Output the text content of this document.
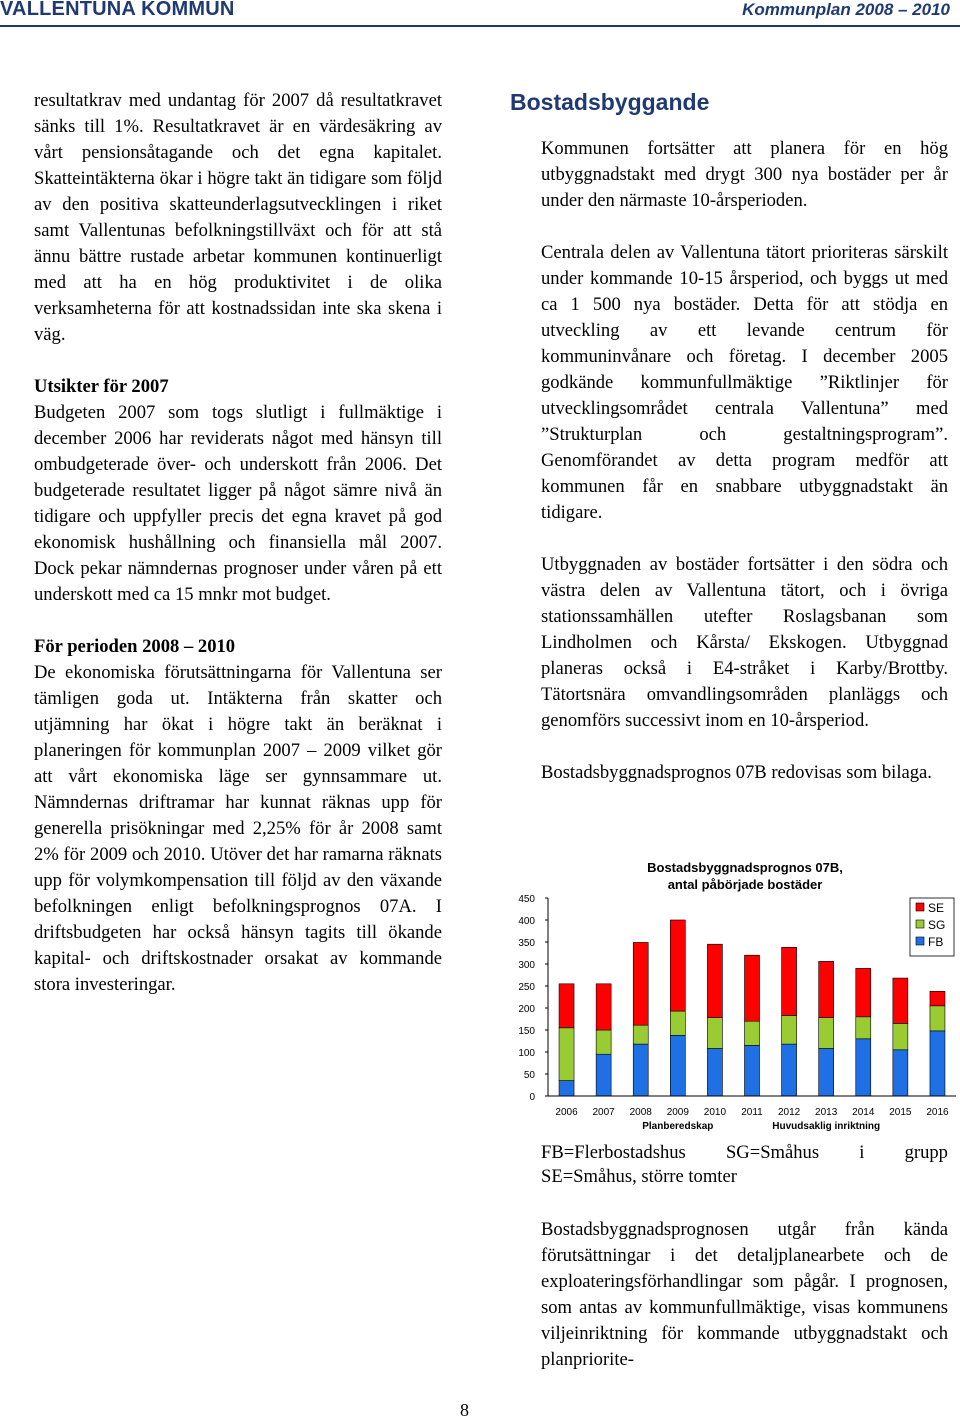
VALLENTUNA KOMMUN	Kommunplan 2008 – 2010

resultatkrav med undantag för 2007 då resultatkravet sänks till 1%. Resultatkravet är en värdesäkring av vårt pensionsåtagande och det egna kapitalet. Skatteintäkterna ökar i högre takt än tidigare som följd av den positiva skatteunderlagsutvecklingen i riket samt Vallentunas befolkningstillväxt och för att stå ännu bättre rustade arbetar kommunen kontinuerligt med att ha en hög produktivitet i de olika verksamheterna för att kostnadssidan inte ska skena i väg.

Utsikter för 2007

Budgeten 2007 som togs slutligt i fullmäktige i december 2006 har reviderats något med hänsyn till ombudgeterade över- och underskott från 2006. Det budgeterade resultatet ligger på något sämre nivå än tidigare och uppfyller precis det egna kravet på god ekonomisk hushållning och finansiella mål 2007. Dock pekar nämndernas prognoser under våren på ett underskott med ca 15 mnkr mot budget.

För perioden 2008 – 2010

De ekonomiska förutsättningarna för Vallentuna ser tämligen goda ut. Intäkterna från skatter och utjämning har ökat i högre takt än beräknat i planeringen för kommunplan 2007 – 2009 vilket gör att vårt ekonomiska läge ser gynnsammare ut. Nämndernas driftramar har kunnat räknas upp för generella prisökningar med 2,25% för år 2008 samt 2% för 2009 och 2010. Utöver det har ramarna räknats upp för volymkompensation till följd av den växande befolkningen enligt befolkningsprognos 07A. I driftsbudgeten har också hänsyn tagits till ökande kapital- och driftskostnader orsakat av kommande stora investeringar.

Bostadsbyggande

Kommunen fortsätter att planera för en hög utbyggnadstakt med drygt 300 nya bostäder per år under den närmaste 10-årsperioden.

Centrala delen av Vallentuna tätort prioriteras särskilt under kommande 10-15 årsperiod, och byggs ut med ca 1 500 nya bostäder. Detta för att stödja en utveckling av ett levande centrum för kommuninvånare och företag. I december 2005 godkände kommunfullmäktige ”Riktlinjer för utvecklingsområdet centrala Vallentuna” med ”Strukturplan och gestaltningsprogram”. Genomförandet av detta program medför att kommunen får en snabbare utbyggnadstakt än tidigare.

Utbyggnaden av bostäder fortsätter i den södra och västra delen av Vallentuna tätort, och i övriga stationssamhällen utefter Roslagsbanan som Lindholmen och Kårsta/ Ekskogen. Utbyggnad planeras också i E4-stråket i Karby/Brottby. Tätortsnära omvandlingsområden planläggs och genomförs successivt inom en 10-årsperiod.

Bostadsbyggnadsprognos 07B redovisas som bilaga.

Bostadsbyggnadsprognos 07B,
antal påbörjade bostäder
0
50
100
150
200
250
300
350
400
450
2006 2007 2008 2009 2010 2011 2012 2013 2014 2015 2016
Planberedskap	Huvudsaklig inriktning
SE
SG
FB

FB=Flerbostadshus SG=Småhus i grupp

SE=Småhus, större tomter

Bostadsbyggnadsprognosen utgår från kända förutsättningar i det detaljplanearbete och de exploateringsförhandlingar som pågår. I prognosen, som antas av kommunfullmäktige, visas kommunens viljeinriktning för kommande utbyggnadstakt och planpriorite-

8
